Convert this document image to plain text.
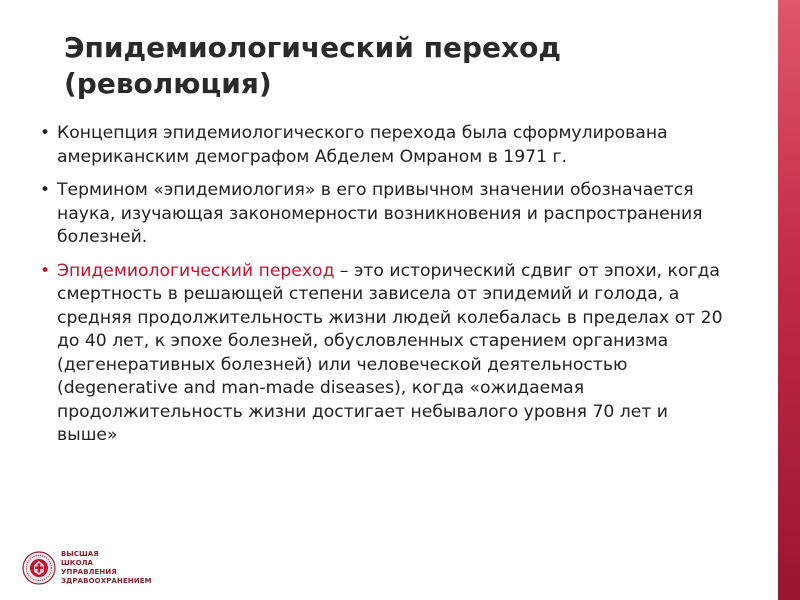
Эпидемиологический переход
(революция)
• Концепция эпидемиологического перехода была сформулирована
американским демографом Абделем Омраном в 1971 г.
• Термином «эпидемиология» в его привычном значении обозначается
наука, изучающая закономерности возникновения и распространения
болезней.
• Эпидемиологический переход – это исторический сдвиг от эпохи, когда
смертность в решающей степени зависела от эпидемий и голода, а
средняя продолжительность жизни людей колебалась в пределах от 20
до 40 лет, к эпохе болезней, обусловленных старением организма
(дегенеративных болезней) или человеческой деятельностью
(degenerative and man-made diseases), когда «ожидаемая
продолжительность жизни достигает небывалого уровня 70 лет и
выше»
ВЫСШАЯ
ШКОЛА
УПРАВЛЕНИЯ
ЗДРАВООХРАНЕНИЕМ
